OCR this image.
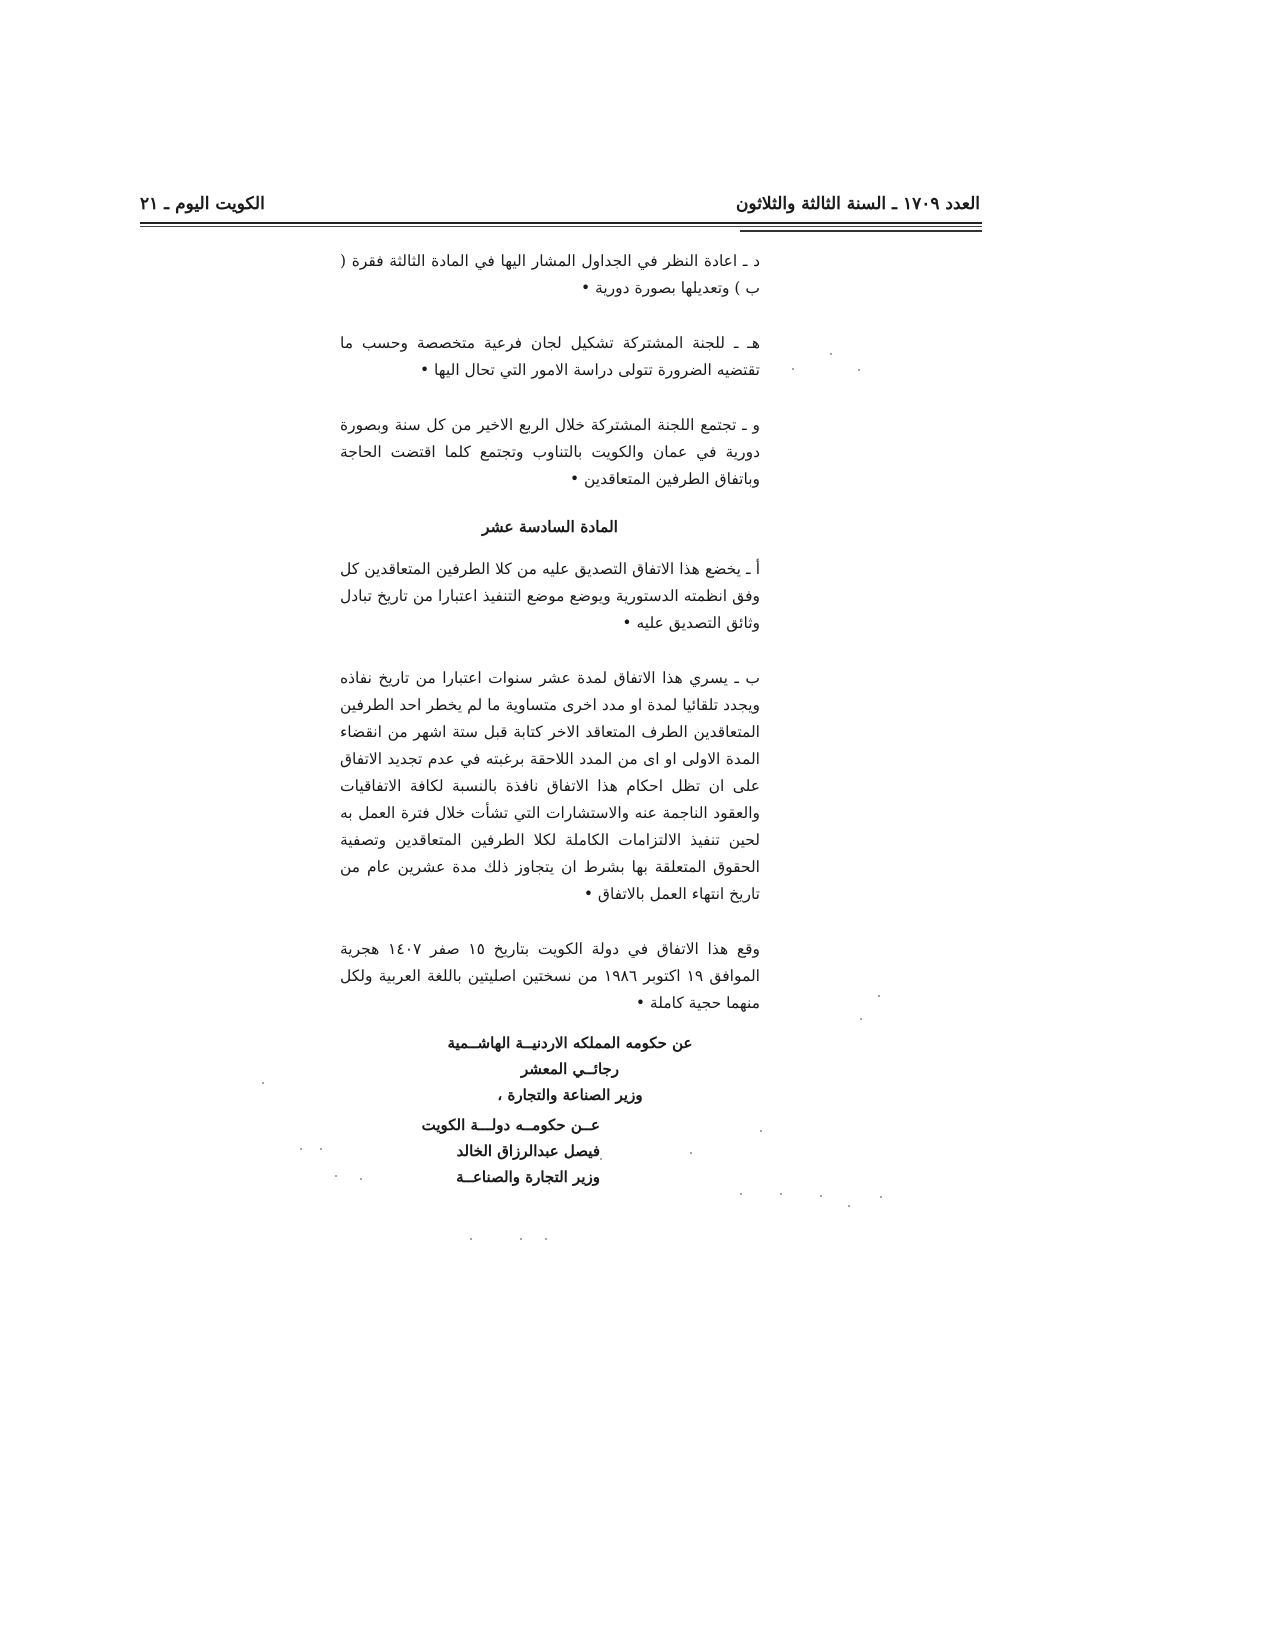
العدد ١٧٠٩ ـ السنة الثالثة والثلاثون
الكويت اليوم ـ ٢١

د ـ اعادة النظر في الجداول المشار اليها في المادة الثالثة فقرة ( ب ) وتعديلها بصورة دورية •

هـ ـ للجنة المشتركة تشكيل لجان فرعية متخصصة وحسب ما تقتضيه الضرورة تتولى دراسة الامور التي تحال اليها •

و ـ تجتمع اللجنة المشتركة خلال الربع الاخير من كل سنة وبصورة دورية في عمان والكويت بالتناوب وتجتمع كلما اقتضت الحاجة وباتفاق الطرفين المتعاقدين •

المادة السادسة عشر

أ ـ يخضع هذا الاتفاق التصديق عليه من كلا الطرفين المتعاقدين كل وفق انظمته الدستورية ويوضع موضع التنفيذ اعتبارا من تاريخ تبادل وثائق التصديق عليه •

ب ـ يسري هذا الاتفاق لمدة عشر سنوات اعتبارا من تاريخ نفاذه ويجدد تلقائيا لمدة او مدد اخرى متساوية ما لم يخطر احد الطرفين المتعاقدين الطرف المتعاقد الاخر كتابة قبل ستة اشهر من انقضاء المدة الاولى او اى من المدد اللاحقة برغبته في عدم تجديد الاتفاق على ان تظل احكام هذا الاتفاق نافذة بالنسبة لكافة الاتفاقيات والعقود الناجمة عنه والاستشارات التي تشأت خلال فترة العمل به لحين تنفيذ الالتزامات الكاملة لكلا الطرفين المتعاقدين وتصفية الحقوق المتعلقة بها بشرط ان يتجاوز ذلك مدة عشرين عام من تاريخ انتهاء العمل بالاتفاق •

وقع هذا الاتفاق في دولة الكويت بتاريخ ١٥ صفر ١٤٠٧ هجرية الموافق ١٩ اكتوبر ١٩٨٦ من نسختين اصليتين باللغة العربية ولكل منهما حجية كاملة •

عن حكومه المملكه الاردنيــة الهاشــمية
رجائــي المعشر
وزير الصناعة والتجارة ،
عــن حكومــه دولـــة الكويت
فيصل عبدالرزاق الخالد
وزير التجارة والصناعــة
